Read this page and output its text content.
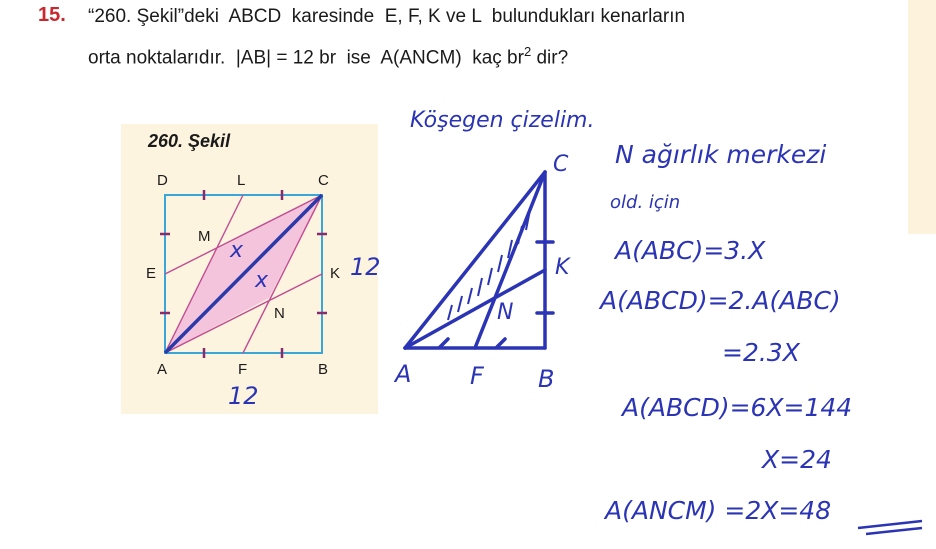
15. “260. Şekil”deki  ABCD  karesinde  E, F, K ve L  bulundukları kenarların
orta noktalarıdır.  |AB| = 12 br  ise  A(ANCM)  kaç $br^2$ dir?
260. Şekil
D	L	C
M
E	K
N
A	F	B
x
x	12
12
Köşegen çizelim.
C
K
N
A F B
N ağırlık merkezi
old. için
A(ABC)=3.X
A(ABCD)=2.A(ABC)
=2.3X
A(ABCD)=6X=144
X=24
A(ANCM) =2X=48
